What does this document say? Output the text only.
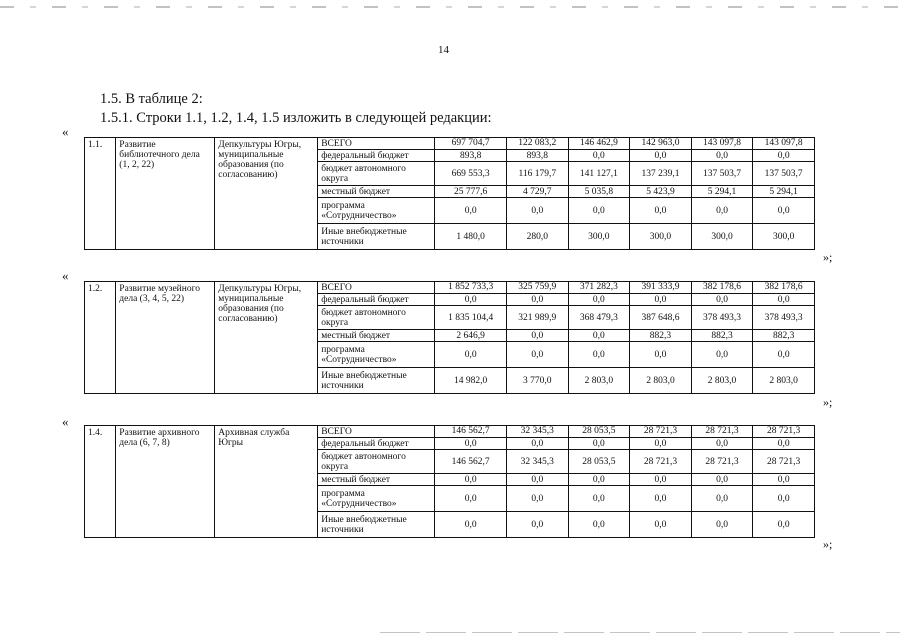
14
1.5. В таблице 2:
1.5.1. Строки 1.1, 1.2, 1.4, 1.5 изложить в следующей редакции:
«
1.1.	Развитие библиотечного дела (1, 2, 22)	Депкультуры Югры, муниципальные образования (по согласованию)	ВСЕГО	697 704,7	122 083,2	146 462,9	142 963,0	143 097,8	143 097,8
			федеральный бюджет	893,8	893,8	0,0	0,0	0,0	0,0
			бюджет автономного округа	669 553,3	116 179,7	141 127,1	137 239,1	137 503,7	137 503,7
			местный бюджет	25 777,6	4 729,7	5 035,8	5 423,9	5 294,1	5 294,1
			программа «Сотрудничество»	0,0	0,0	0,0	0,0	0,0	0,0
			Иные внебюджетные источники	1 480,0	280,0	300,0	300,0	300,0	300,0
»;
«
1.2.	Развитие музейного дела (3, 4, 5, 22)	Депкультуры Югры, муниципальные образования (по согласованию)	ВСЕГО	1 852 733,3	325 759,9	371 282,3	391 333,9	382 178,6	382 178,6
			федеральный бюджет	0,0	0,0	0,0	0,0	0,0	0,0
			бюджет автономного округа	1 835 104,4	321 989,9	368 479,3	387 648,6	378 493,3	378 493,3
			местный бюджет	2 646,9	0,0	0,0	882,3	882,3	882,3
			программа «Сотрудничество»	0,0	0,0	0,0	0,0	0,0	0,0
			Иные внебюджетные источники	14 982,0	3 770,0	2 803,0	2 803,0	2 803,0	2 803,0
»;
«
1.4.	Развитие архивного дела (6, 7, 8)	Архивная служба Югры	ВСЕГО	146 562,7	32 345,3	28 053,5	28 721,3	28 721,3	28 721,3
			федеральный бюджет	0,0	0,0	0,0	0,0	0,0	0,0
			бюджет автономного округа	146 562,7	32 345,3	28 053,5	28 721,3	28 721,3	28 721,3
			местный бюджет	0,0	0,0	0,0	0,0	0,0	0,0
			программа «Сотрудничество»	0,0	0,0	0,0	0,0	0,0	0,0
			Иные внебюджетные источники	0,0	0,0	0,0	0,0	0,0	0,0
»;
